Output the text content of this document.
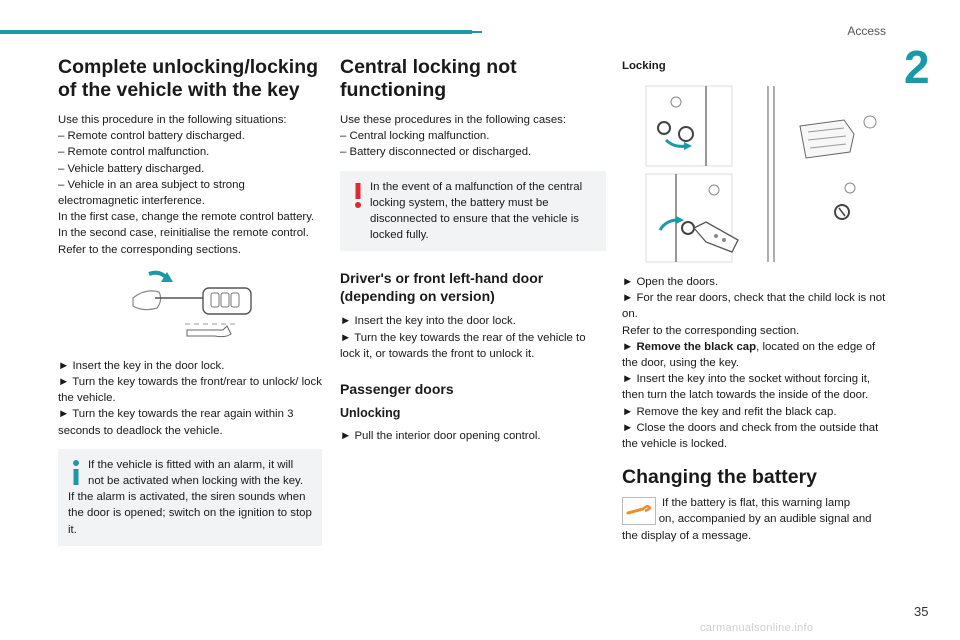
Access
2
35
carmanualsonline.info
Complete unlocking/locking of the vehicle with the key

Use this procedure in the following situations:

– Remote control battery discharged.

– Remote control malfunction.

– Vehicle battery discharged.

– Vehicle in an area subject to strong electromagnetic interference.

In the first case, change the remote control battery.

In the second case, reinitialise the remote control.

Refer to the corresponding sections.

► Insert the key in the door lock.

► Turn the key towards the front/rear to unlock/ lock the vehicle.

► Turn the key towards the rear again within 3 seconds to deadlock the vehicle.

If the vehicle is fitted with an alarm, it will not be activated when locking with the key.

If the alarm is activated, the siren sounds when the door is opened; switch on the ignition to stop it.

Central locking not functioning

Use these procedures in the following cases:

– Central locking malfunction.

– Battery disconnected or discharged.

In the event of a malfunction of the central locking system, the battery must be disconnected to ensure that the vehicle is locked fully.

Driver's or front left-hand door (depending on version)

► Insert the key into the door lock.

► Turn the key towards the rear of the vehicle to lock it, or towards the front to unlock it.

Passenger doors
Unlocking

► Pull the interior door opening control.

Locking

► Open the doors.

► For the rear doors, check that the child lock is not on.

Refer to the corresponding section.

► Remove the black cap, located on the edge of the door, using the key.

► Insert the key into the socket without forcing it, then turn the latch towards the inside of the door.

► Remove the key and refit the black cap.

► Close the doors and check from the outside that the vehicle is locked.

Changing the battery

If the battery is flat, this warning lamp comes on, accompanied by an audible signal and the display of a message.
